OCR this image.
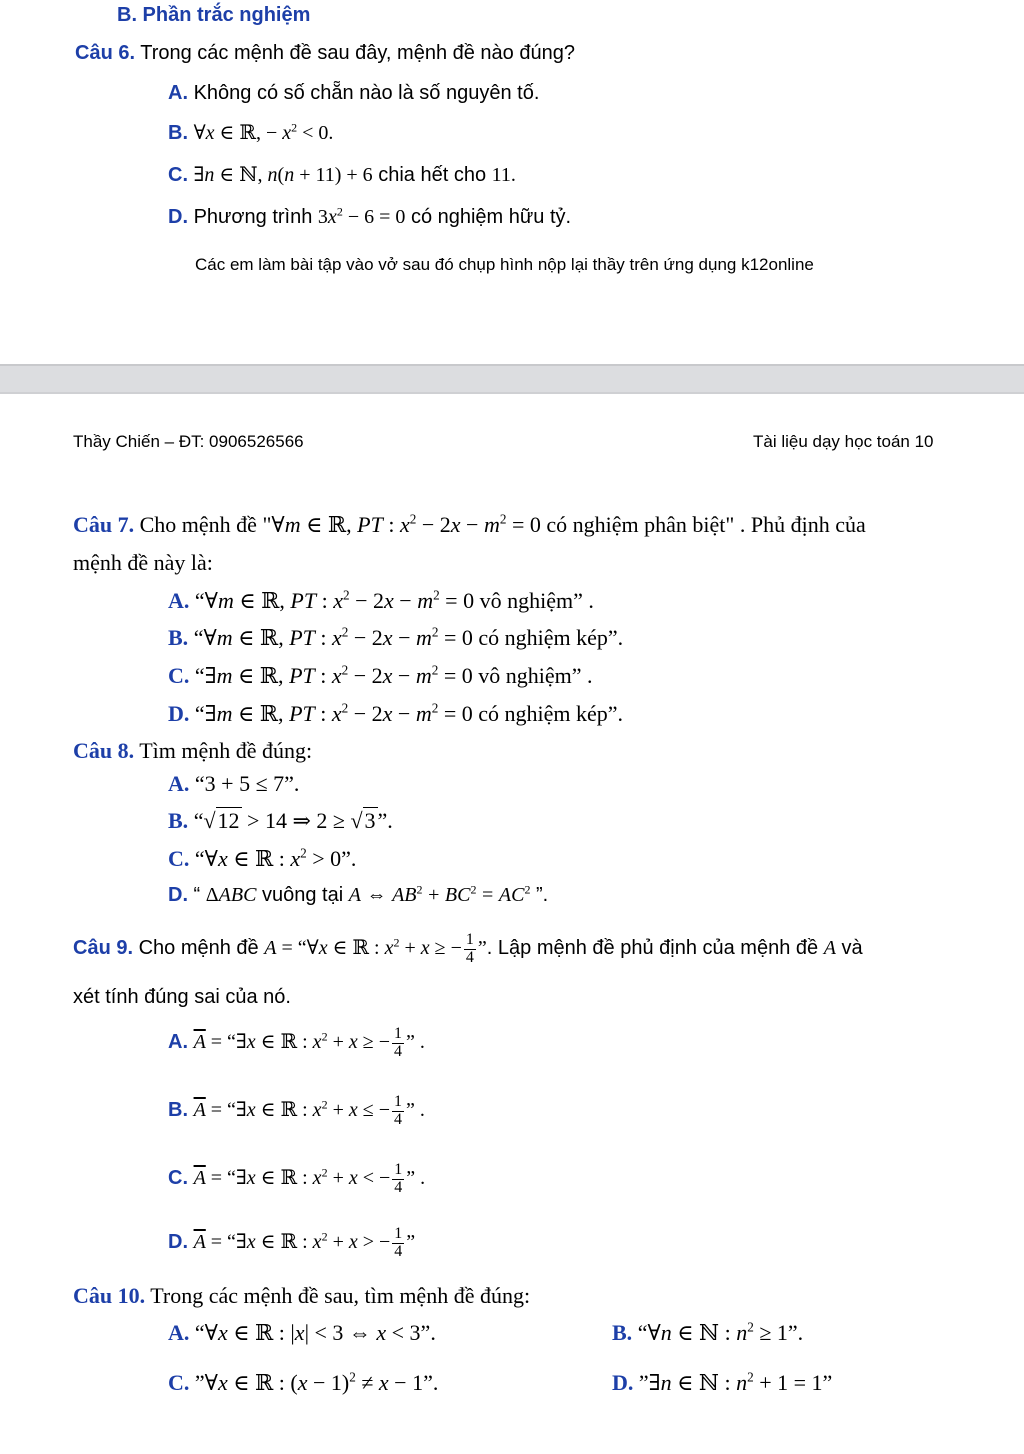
B. Phần trắc nghiệm
Câu 6. Trong các mệnh đề sau đây, mệnh đề nào đúng?
A. Không có số chẵn nào là số nguyên tố.
B. ∀x ∈ ℝ, − $x^2 < 0$.
C. ∃n ∈ ℕ, n(n + 11) + 6 chia hết cho 11.
D. Phương trình $3x^2 - 6 = 0$ có nghiệm hữu tỷ.
Các em làm bài tập vào vở sau đó chụp hình nộp lại thầy trên ứng dụng k12online
Thầy Chiến – ĐT: 0906526566	Tài liệu dạy học toán 10
Câu 7. Cho mệnh đề "∀m ∈ ℝ, PT : $x^2 - 2x - m^2 = 0$ có nghiệm phân biệt" . Phủ định của
mệnh đề này là:
A. “∀m ∈ ℝ, PT : $x^2 - 2x - m^2 = 0$ vô nghiệm” .
B. “∀m ∈ ℝ, PT : $x^2 - 2x - m^2 = 0$ có nghiệm kép”.
C. “∃m ∈ ℝ, PT : $x^2 - 2x - m^2 = 0$ vô nghiệm” .
D. “∃m ∈ ℝ, PT : $x^2 - 2x - m^2 = 0$ có nghiệm kép”.
Câu 8. Tìm mệnh đề đúng:
A. “3 + 5 ≤ 7”.
B. “√12 > 14 ⇒ 2 ≥ √3”.
C. “∀x ∈ ℝ : $x^2 > 0$”.
D. “ ΔABC vuông tại A ⇔ $AB^2 + BC^2 = AC^2$ ”.
Câu 9. Cho mệnh đề A = “∀x ∈ ℝ : $x^2 + x$ ≥ − $\frac{1}{4}$ ”. Lập mệnh đề phủ định của mệnh đề A và
xét tính đúng sai của nó.
A. $\overline{A}$ = “∃x ∈ ℝ : $x^2 + x$ ≥ − $\frac{1}{4}$ ” .
B. $\overline{A}$ = “∃x ∈ ℝ : $x^2 + x$ ≤ − $\frac{1}{4}$ ” .
C. $\overline{A}$ = “∃x ∈ ℝ : $x^2 + x$ < − $\frac{1}{4}$ ” .
D. $\overline{A}$ = “∃x ∈ ℝ : $x^2 + x$ > − $\frac{1}{4}$ ”
Câu 10. Trong các mệnh đề sau, tìm mệnh đề đúng:
A. “∀x ∈ ℝ : |x| < 3 ⇔ x < 3”.	B. “∀n ∈ ℕ : $n^2 \ge 1$”.
C. ”∀x ∈ ℝ : $(x - 1)^2 \ne x - 1$”.	D. ”∃n ∈ ℕ : $n^2 + 1 = 1$”
